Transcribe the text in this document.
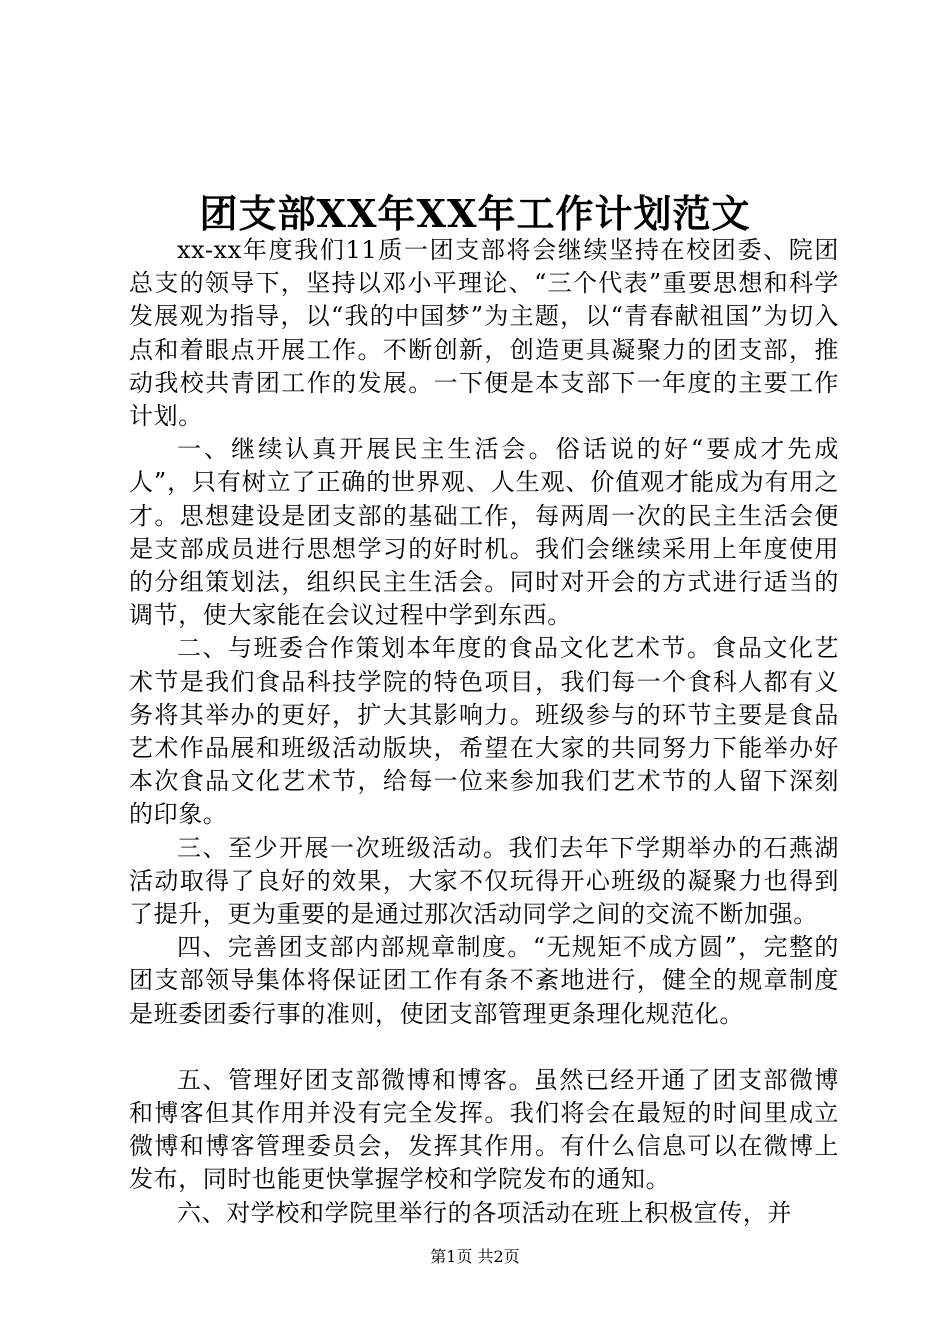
团支部XX年XX年工作计划范文

xx-xx年度我们11质一团支部将会继续坚持在校团委、院团总支的领导下，坚持以邓小平理论、“三个代表”重要思想和科学发展观为指导，以“我的中国梦”为主题，以“青春献祖国”为切入点和着眼点开展工作。不断创新，创造更具凝聚力的团支部，推动我校共青团工作的发展。一下便是本支部下一年度的主要工作计划。

一、继续认真开展民主生活会。俗话说的好“要成才先成人”，只有树立了正确的世界观、人生观、价值观才能成为有用之才。思想建设是团支部的基础工作，每两周一次的民主生活会便是支部成员进行思想学习的好时机。我们会继续采用上年度使用的分组策划法，组织民主生活会。同时对开会的方式进行适当的调节，使大家能在会议过程中学到东西。

二、与班委合作策划本年度的食品文化艺术节。食品文化艺术节是我们食品科技学院的特色项目，我们每一个食科人都有义务将其举办的更好，扩大其影响力。班级参与的环节主要是食品艺术作品展和班级活动版块，希望在大家的共同努力下能举办好本次食品文化艺术节，给每一位来参加我们艺术节的人留下深刻的印象。

三、至少开展一次班级活动。我们去年下学期举办的石燕湖活动取得了良好的效果，大家不仅玩得开心班级的凝聚力也得到了提升，更为重要的是通过那次活动同学之间的交流不断加强。

四、完善团支部内部规章制度。“无规矩不成方圆”，完整的团支部领导集体将保证团工作有条不紊地进行，健全的规章制度是班委团委行事的准则，使团支部管理更条理化规范化。

五、管理好团支部微博和博客。虽然已经开通了团支部微博和博客但其作用并没有完全发挥。我们将会在最短的时间里成立微博和博客管理委员会，发挥其作用。有什么信息可以在微博上发布，同时也能更快掌握学校和学院发布的通知。

六、对学校和学院里举行的各项活动在班上积极宣传，并

第1页 共2页
